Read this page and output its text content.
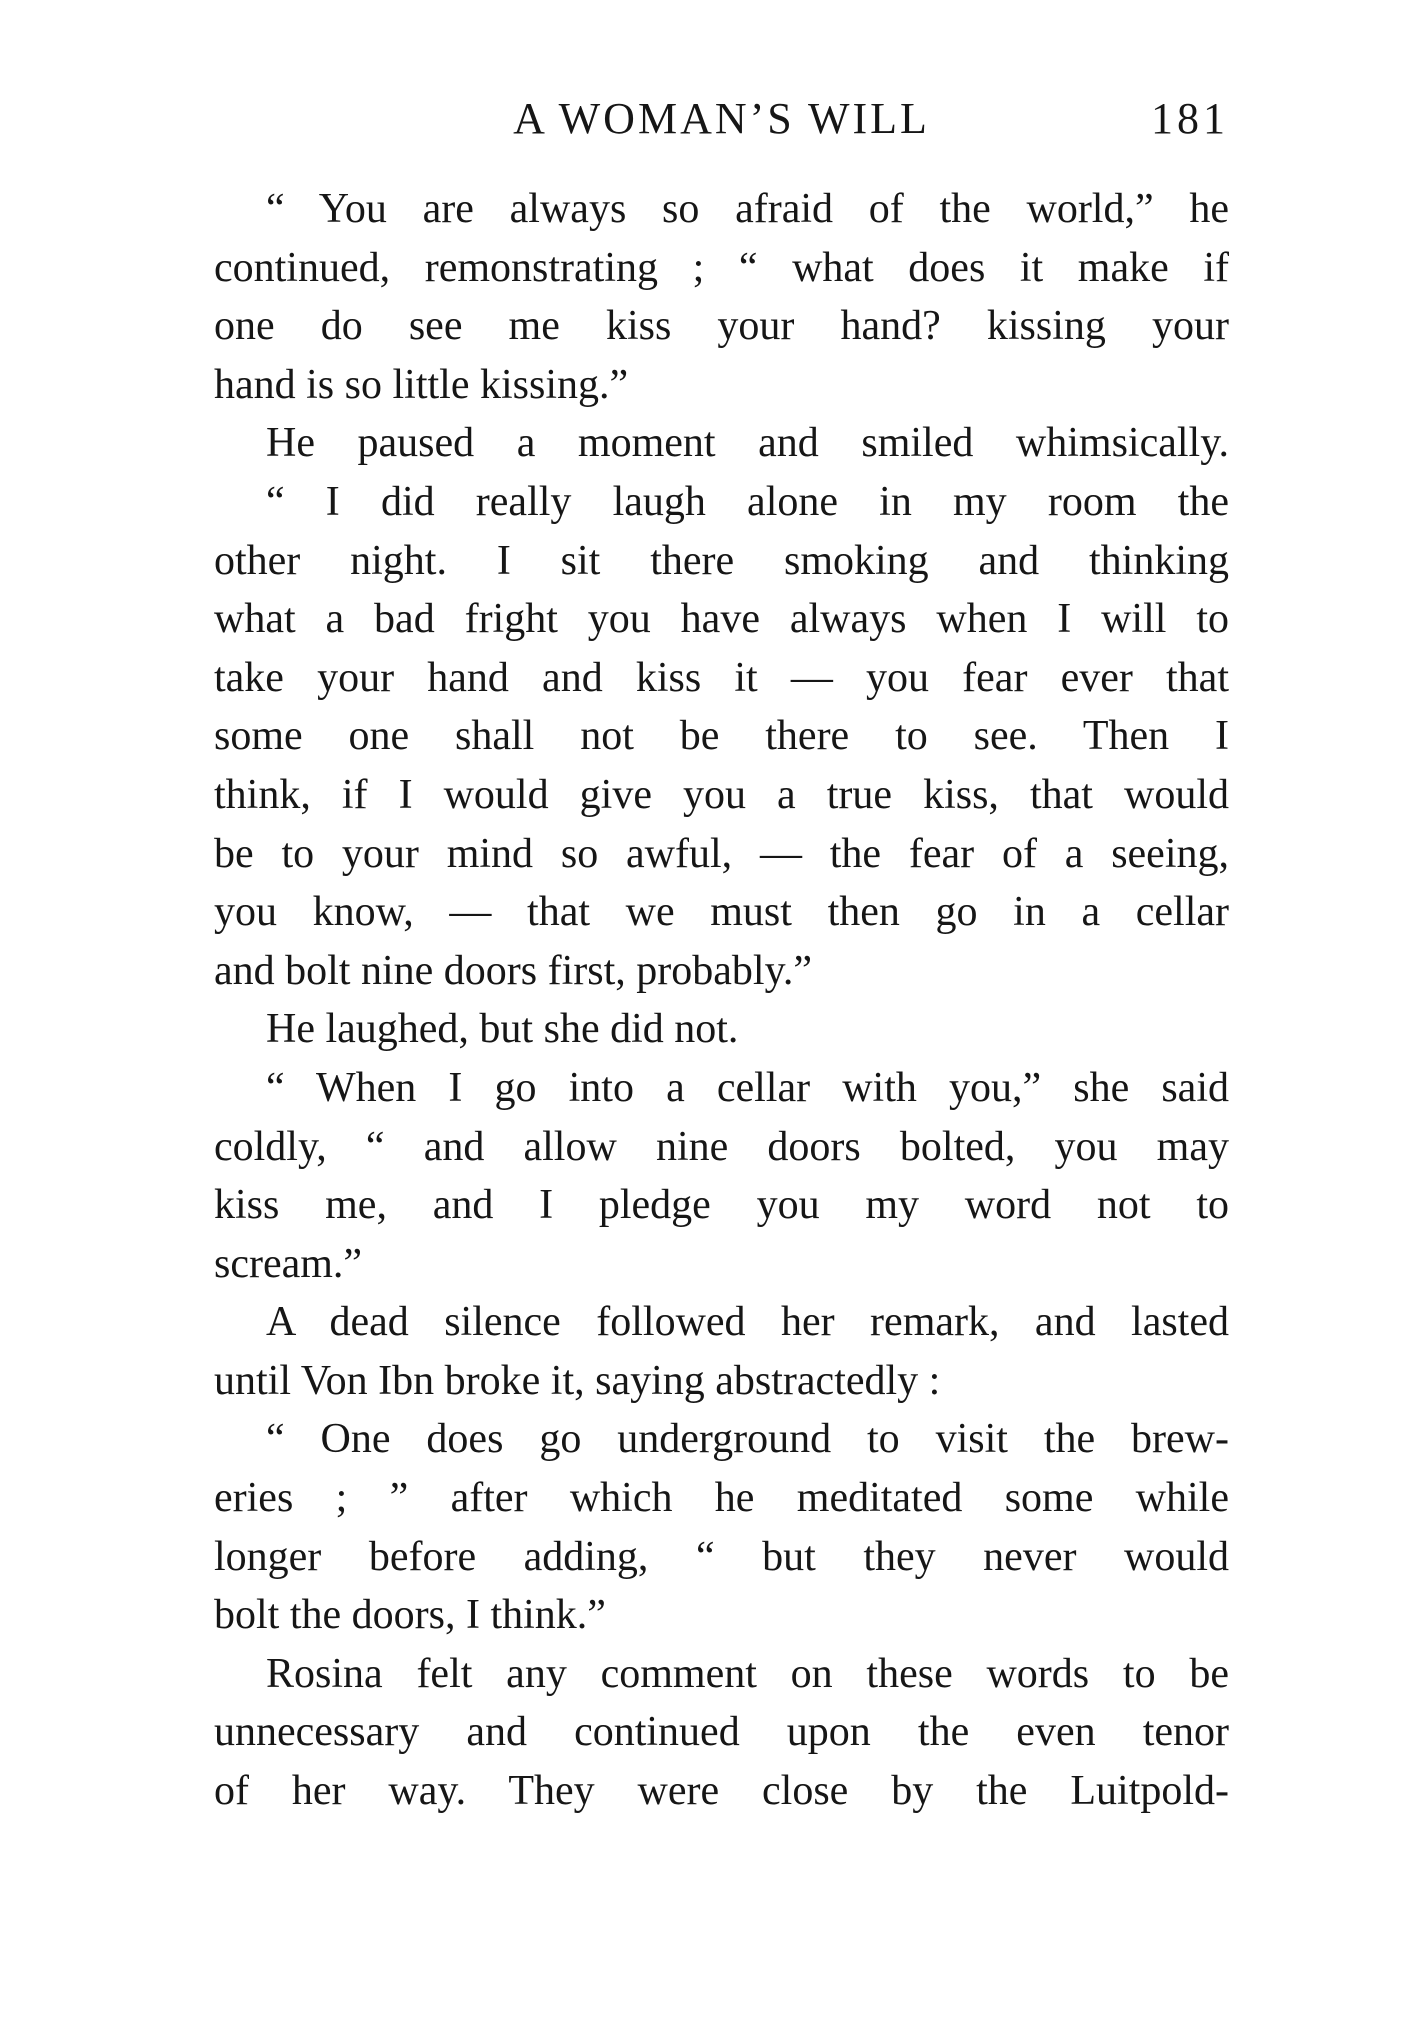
A WOMAN’S WILL	181
“ You are always so afraid of the world,” he
continued, remonstrating ; “ what does it make if
one do see me kiss your hand? kissing your
hand is so little kissing.”
He paused a moment and smiled whimsically.
“ I did really laugh alone in my room the
other night. I sit there smoking and thinking
what a bad fright you have always when I will to
take your hand and kiss it — you fear ever that
some one shall not be there to see. Then I
think, if I would give you a true kiss, that would
be to your mind so awful, — the fear of a seeing,
you know, — that we must then go in a cellar
and bolt nine doors first, probably.”
He laughed, but she did not.
“ When I go into a cellar with you,” she said
coldly, “ and allow nine doors bolted, you may
kiss me, and I pledge you my word not to
scream.”
A dead silence followed her remark, and lasted
until Von Ibn broke it, saying abstractedly :
“ One does go underground to visit the brew-
eries ; ” after which he meditated some while
longer before adding, “ but they never would
bolt the doors, I think.”
Rosina felt any comment on these words to be
unnecessary and continued upon the even tenor
of her way. They were close by the Luitpold-
